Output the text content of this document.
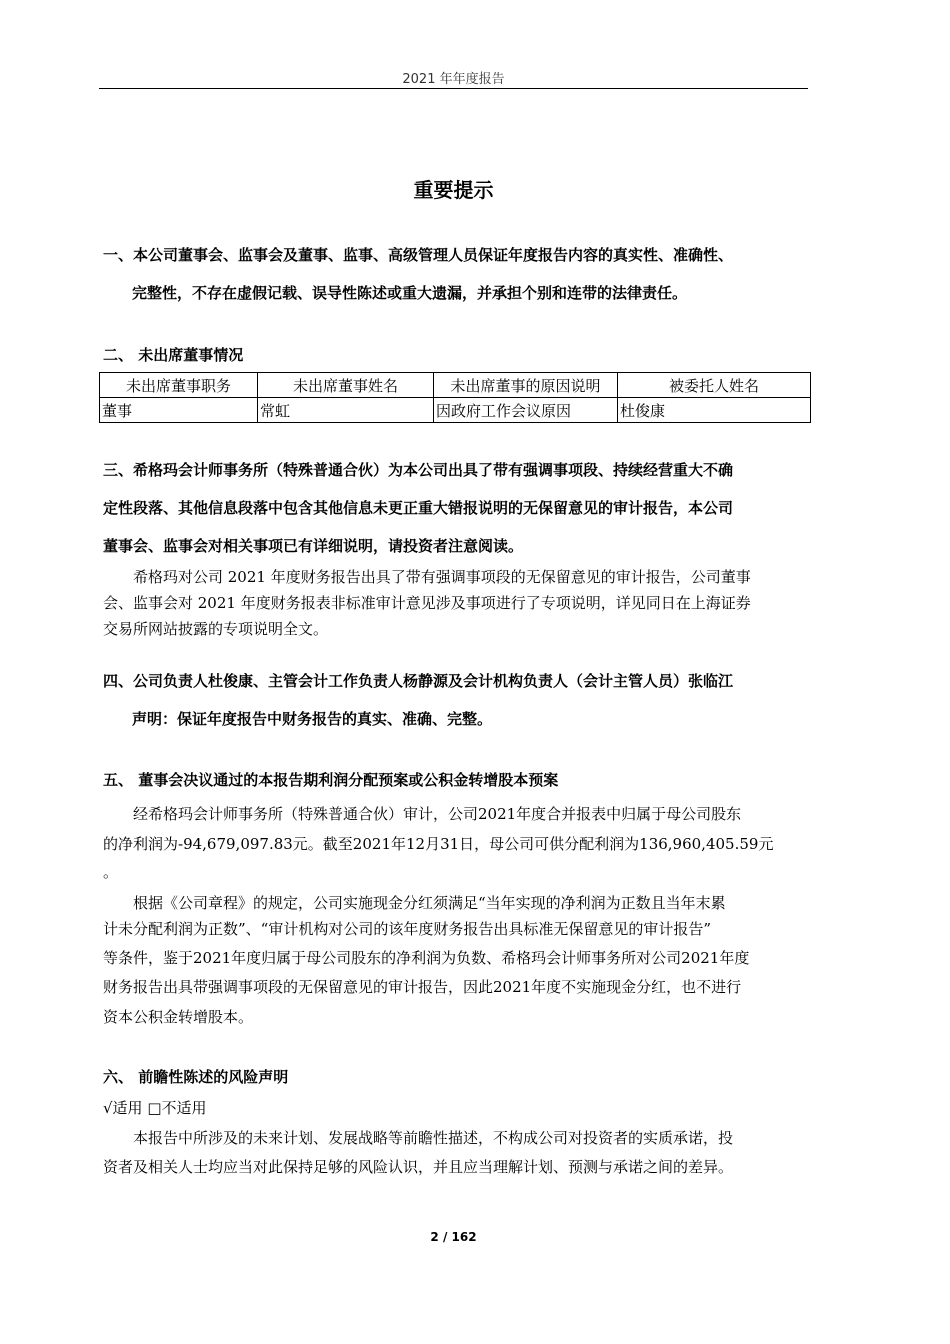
2021 年年度报告
重要提示
一、本公司董事会、监事会及董事、监事、高级管理人员保证年度报告内容的真实性、准确性、
完整性，不存在虚假记载、误导性陈述或重大遗漏，并承担个别和连带的法律责任。
二、 未出席董事情况
未出席董事职务	未出席董事姓名	未出席董事的原因说明	被委托人姓名
董事	常虹	因政府工作会议原因	杜俊康
三、希格玛会计师事务所（特殊普通合伙）为本公司出具了带有强调事项段、持续经营重大不确
定性段落、其他信息段落中包含其他信息未更正重大错报说明的无保留意见的审计报告，本公司
董事会、监事会对相关事项已有详细说明，请投资者注意阅读。
希格玛对公司 2021 年度财务报告出具了带有强调事项段的无保留意见的审计报告，公司董事
会、监事会对 2021 年度财务报表非标准审计意见涉及事项进行了专项说明，详见同日在上海证券
交易所网站披露的专项说明全文。
四、公司负责人杜俊康、主管会计工作负责人杨静源及会计机构负责人（会计主管人员）张临江
声明：保证年度报告中财务报告的真实、准确、完整。
五、 董事会决议通过的本报告期利润分配预案或公积金转增股本预案
经希格玛会计师事务所（特殊普通合伙）审计，公司2021年度合并报表中归属于母公司股东
的净利润为-94,679,097.83元。截至2021年12月31日，母公司可供分配利润为136,960,405.59元
。
根据《公司章程》的规定，公司实施现金分红须满足“当年实现的净利润为正数且当年末累
计未分配利润为正数”、“审计机构对公司的该年度财务报告出具标准无保留意见的审计报告”
等条件，鉴于2021年度归属于母公司股东的净利润为负数、希格玛会计师事务所对公司2021年度
财务报告出具带强调事项段的无保留意见的审计报告，因此2021年度不实施现金分红，也不进行
资本公积金转增股本。
六、 前瞻性陈述的风险声明
√适用 □不适用
本报告中所涉及的未来计划、发展战略等前瞻性描述，不构成公司对投资者的实质承诺，投
资者及相关人士均应当对此保持足够的风险认识，并且应当理解计划、预测与承诺之间的差异。
2 / 162
